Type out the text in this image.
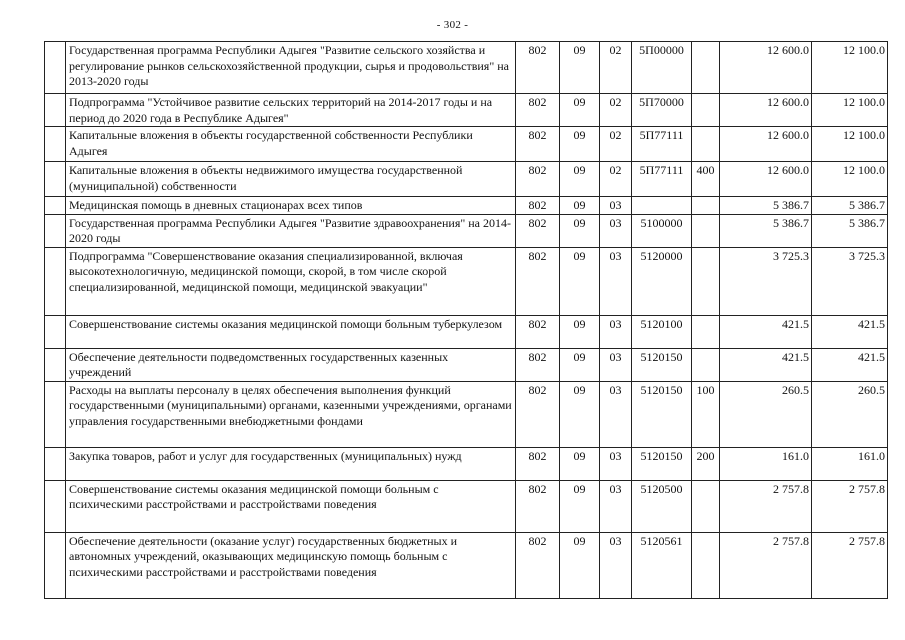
- 302 -
	Государственная программа Республики Адыгея "Развитие сельского хозяйства и регулирование рынков сельскохозяйственной продукции, сырья и продовольствия" на 2013-2020 годы	802	09	02	5П00000		12 600.0	12 100.0
	Подпрограмма "Устойчивое развитие сельских территорий на 2014-2017 годы и на период до 2020 года в Республике Адыгея"	802	09	02	5П70000		12 600.0	12 100.0
	Капитальные вложения в объекты государственной собственности Республики Адыгея	802	09	02	5П77111		12 600.0	12 100.0
	Капитальные вложения в объекты недвижимого имущества государственной (муниципальной) собственности	802	09	02	5П77111	400	12 600.0	12 100.0
	Медицинская помощь в дневных стационарах всех типов	802	09	03			5 386.7	5 386.7
	Государственная программа Республики Адыгея "Развитие здравоохранения" на 2014-2020 годы	802	09	03	5100000		5 386.7	5 386.7
	Подпрограмма "Совершенствование оказания специализированной, включая высокотехнологичную, медицинской помощи, скорой, в том числе скорой специализированной, медицинской помощи, медицинской эвакуации"	802	09	03	5120000		3 725.3	3 725.3
	Совершенствование системы оказания медицинской помощи больным туберкулезом	802	09	03	5120100		421.5	421.5
	Обеспечение деятельности подведомственных государственных казенных учреждений	802	09	03	5120150		421.5	421.5
	Расходы на выплаты персоналу в целях обеспечения выполнения функций государственными (муниципальными) органами, казенными учреждениями, органами управления государственными внебюджетными фондами	802	09	03	5120150	100	260.5	260.5
	Закупка товаров, работ и услуг для государственных (муниципальных) нужд	802	09	03	5120150	200	161.0	161.0
	Совершенствование системы оказания медицинской помощи больным с психическими расстройствами и расстройствами поведения	802	09	03	5120500		2 757.8	2 757.8
	Обеспечение деятельности (оказание услуг) государственных бюджетных и автономных учреждений, оказывающих медицинскую помощь больным с психическими расстройствами и расстройствами поведения	802	09	03	5120561		2 757.8	2 757.8
